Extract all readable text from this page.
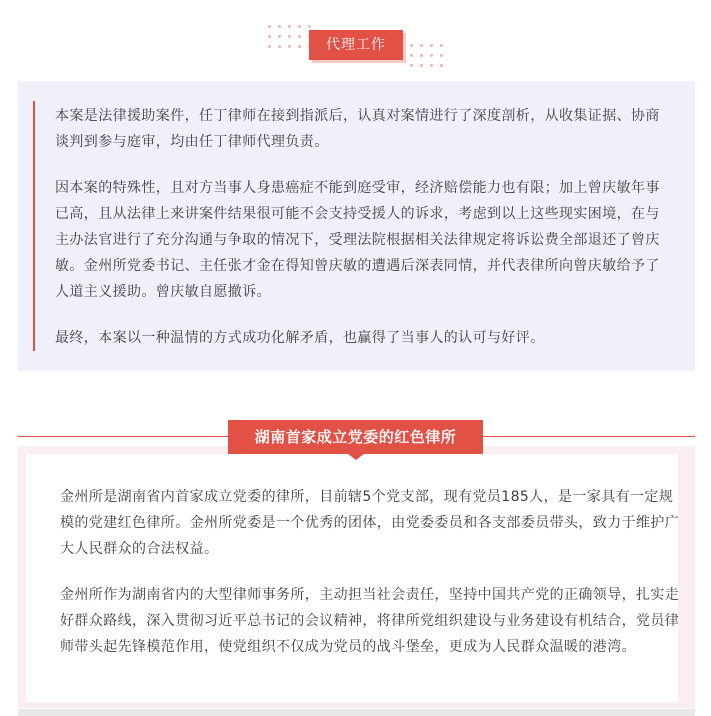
代理工作

本案是法律援助案件，任丁律师在接到指派后，认真对案情进行了深度剖析，从收集证据、协商谈判到参与庭审，均由任丁律师代理负责。

因本案的特殊性，且对方当事人身患癌症不能到庭受审，经济赔偿能力也有限；加上曾庆敏年事已高，且从法律上来讲案件结果很可能不会支持受援人的诉求，考虑到以上这些现实困境，在与主办法官进行了充分沟通与争取的情况下，受理法院根据相关法律规定将诉讼费全部退还了曾庆敏。金州所党委书记、主任张才金在得知曾庆敏的遭遇后深表同情，并代表律所向曾庆敏给予了人道主义援助。曾庆敏自愿撤诉。

最终，本案以一种温情的方式成功化解矛盾，也赢得了当事人的认可与好评。

金州所是湖南省内首家成立党委的律所，目前辖5个党支部，现有党员185人，是一家具有一定规模的党建红色律所。金州所党委是一个优秀的团体，由党委委员和各支部委员带头，致力于维护广大人民群众的合法权益。

金州所作为湖南省内的大型律师事务所，主动担当社会责任，坚持中国共产党的正确领导，扎实走好群众路线，深入贯彻习近平总书记的会议精神，将律所党组织建设与业务建设有机结合，党员律师带头起先锋模范作用，使党组织不仅成为党员的战斗堡垒，更成为人民群众温暖的港湾。

湖南首家成立党委的红色律所
